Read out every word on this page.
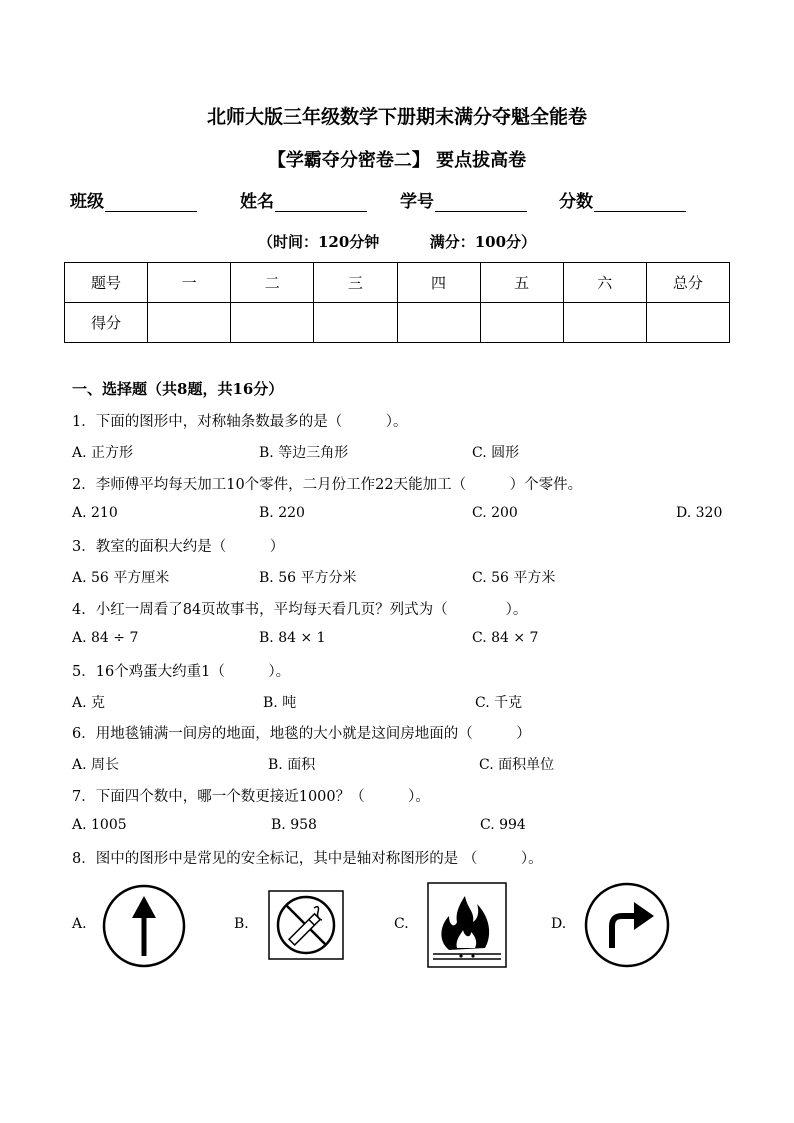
北师大版三年级数学下册期末满分夺魁全能卷
【学霸夺分密卷二】 要点拔高卷
班级	姓名	学号	分数
（时间：120分钟	满分：100分）
题号	一	二	三	四	五	六	总分
得分							
一、选择题（共8题，共16分）
1．下面的图形中，对称轴条数最多的是（　　　）。
A. 正方形	B. 等边三角形	C. 圆形
2．李师傅平均每天加工10个零件，二月份工作22天能加工（　　　）个零件。
A. 210	B. 220	C. 200	D. 320
3．教室的面积大约是（　　　）
A. 56 平方厘米	B. 56 平方分米	C. 56 平方米
4．小红一周看了84页故事书，平均每天看几页？列式为（　　　　）。
A. 84 ÷ 7	B. 84 × 1	C. 84 × 7
5．16个鸡蛋大约重1（　　　）。
A. 克	B. 吨	C. 千克
6．用地毯铺满一间房的地面，地毯的大小就是这间房地面的（　　　）
A. 周长	B. 面积	C. 面积单位
7．下面四个数中，哪一个数更接近1000？（　　　）。
A. 1005	B. 958	C. 994
8．图中的图形中是常见的安全标记，其中是轴对称图形的是 （　　　）。
A.	B.	C.	D.
